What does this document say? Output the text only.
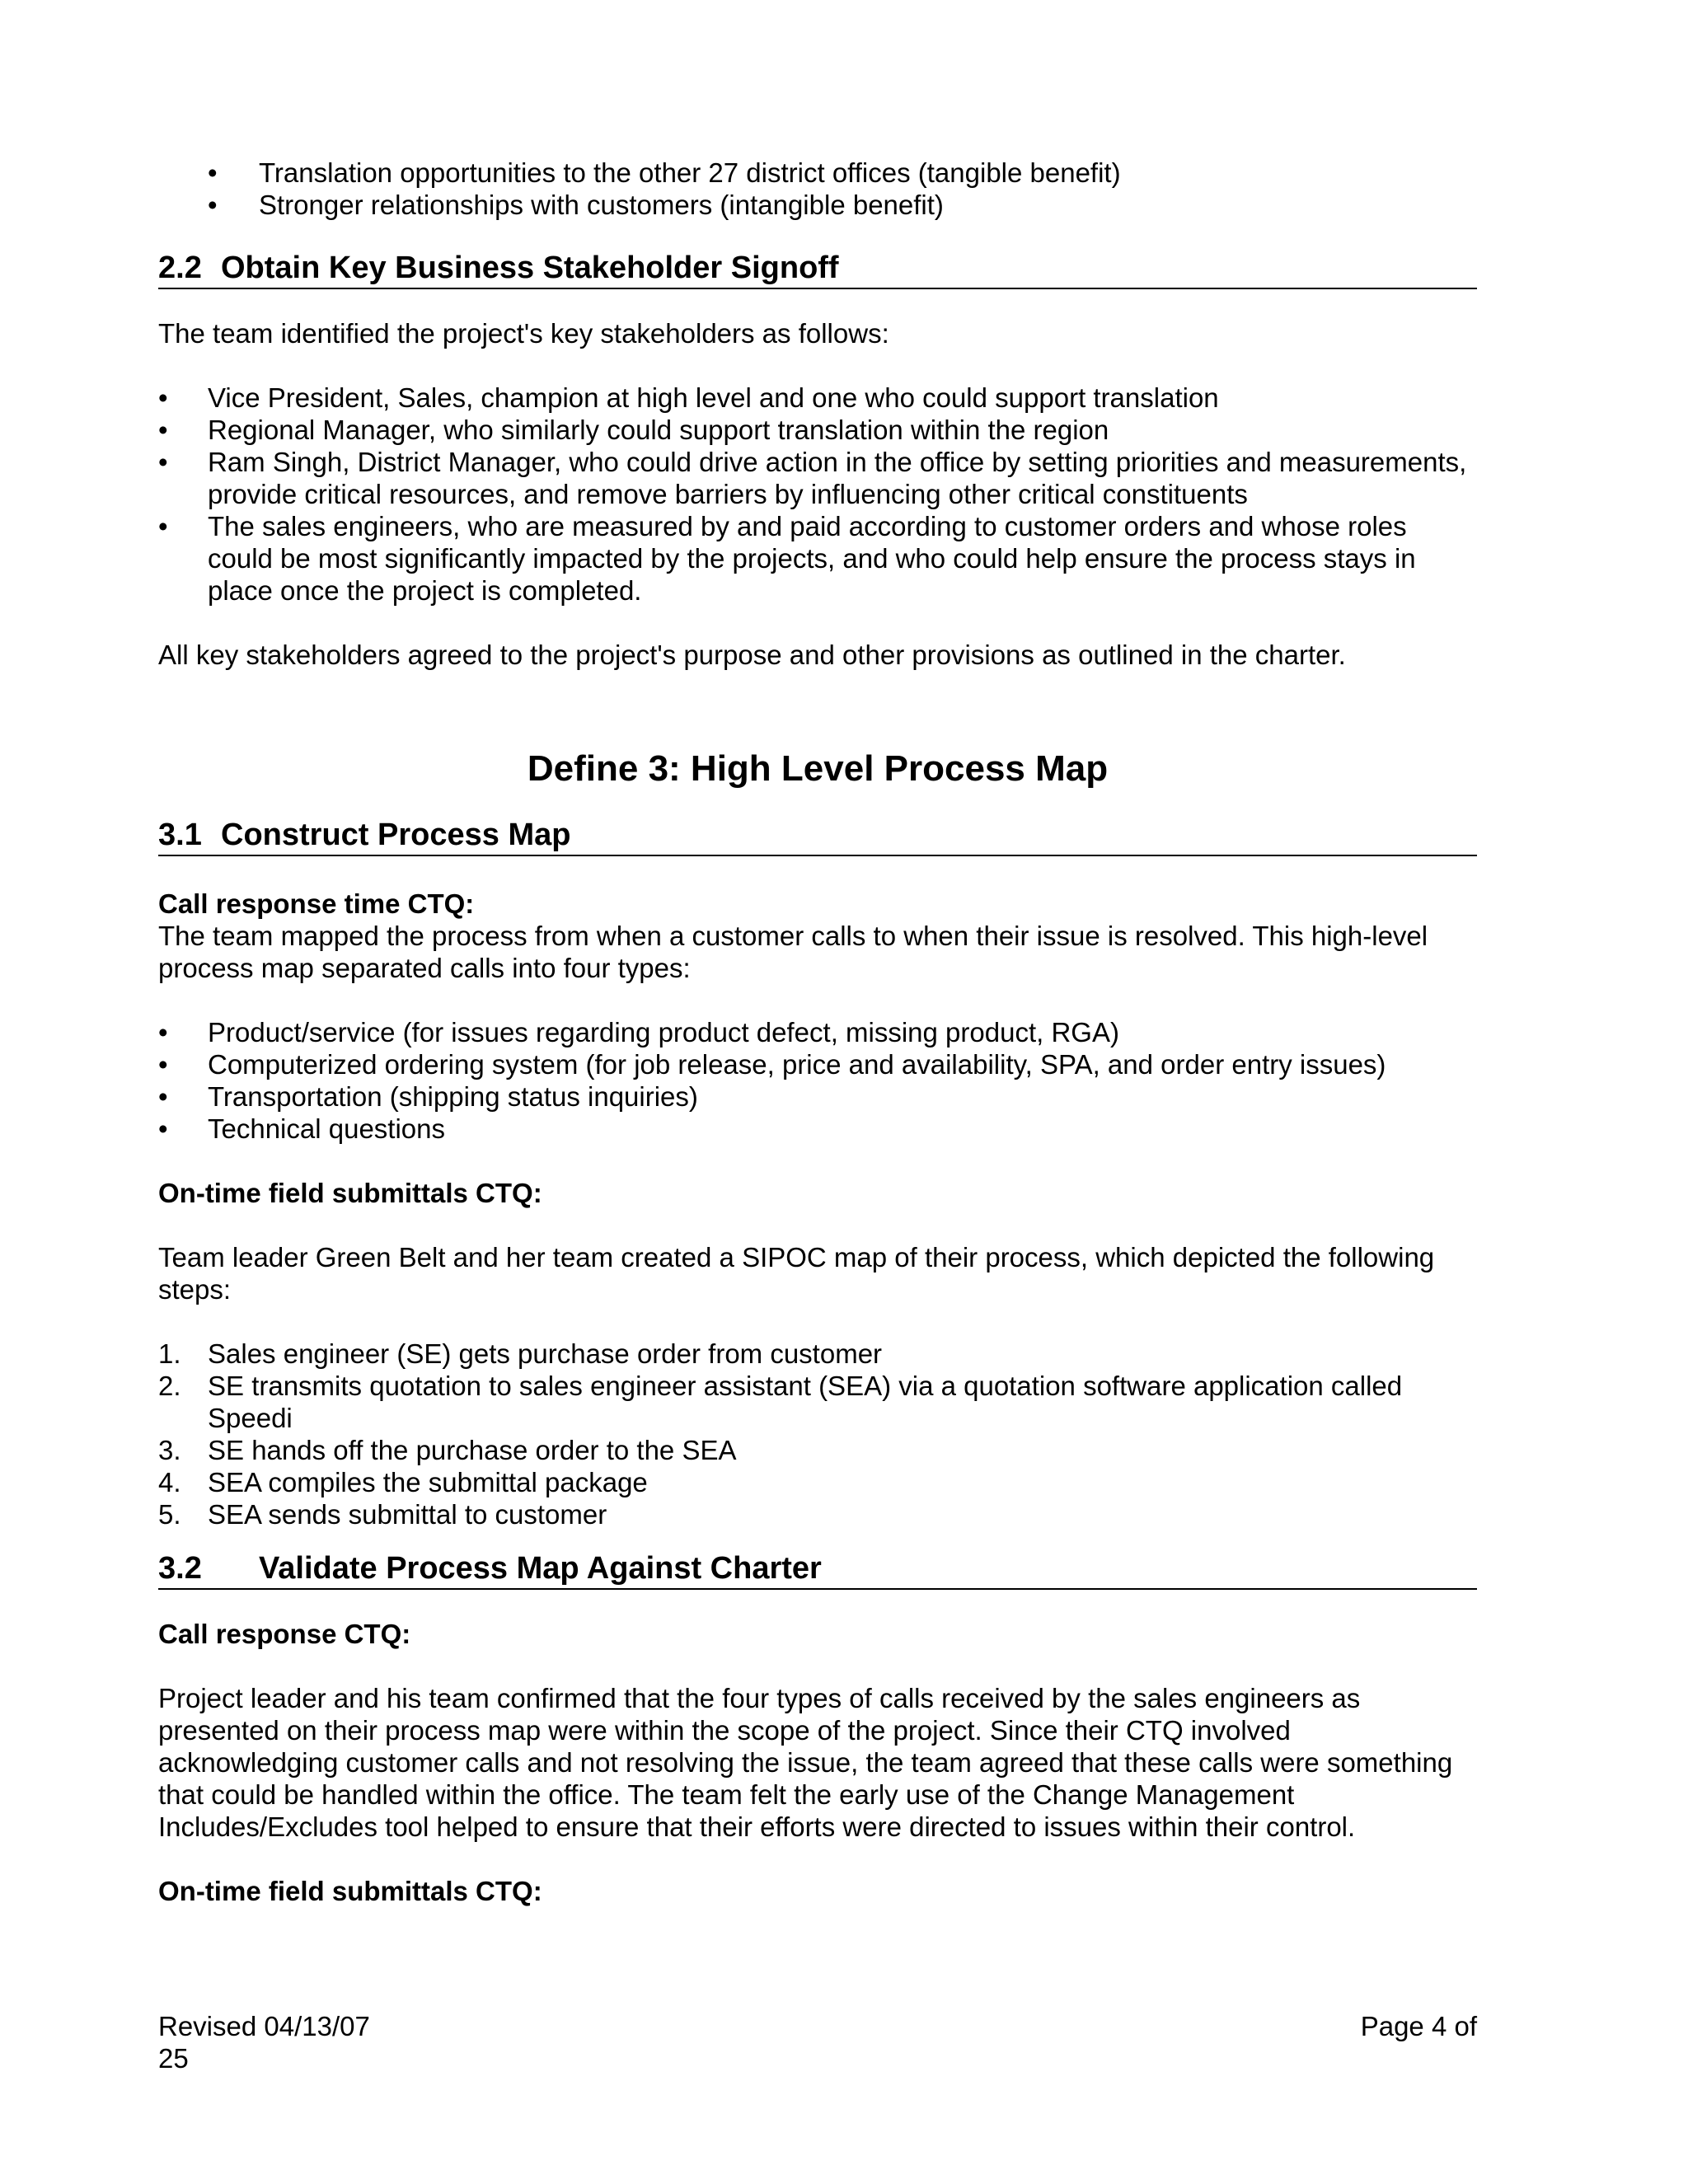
• Translation opportunities to the other 27 district offices (tangible benefit)
• Stronger relationships with customers (intangible benefit)
2.2 Obtain Key Business Stakeholder Signoff

The team identified the project's key stakeholders as follows:

• Vice President, Sales, champion at high level and one who could support translation
• Regional Manager, who similarly could support translation within the region
• Ram Singh, District Manager, who could drive action in the office by setting priorities and measurements, provide critical resources, and remove barriers by influencing other critical constituents
• The sales engineers, who are measured by and paid according to customer orders and whose roles could be most significantly impacted by the projects, and who could help ensure the process stays in place once the project is completed.

All key stakeholders agreed to the project's purpose and other provisions as outlined in the charter.

Define 3: High Level Process Map
3.1 Construct Process Map

Call response time CTQ:

The team mapped the process from when a customer calls to when their issue is resolved. This high-level process map separated calls into four types:

• Product/service (for issues regarding product defect, missing product, RGA)
• Computerized ordering system (for job release, price and availability, SPA, and order entry issues)
• Transportation (shipping status inquiries)
• Technical questions

On-time field submittals CTQ:

Team leader Green Belt and her team created a SIPOC map of their process, which depicted the following steps:

1. Sales engineer (SE) gets purchase order from customer
2. SE transmits quotation to sales engineer assistant (SEA) via a quotation software application called Speedi
3. SE hands off the purchase order to the SEA
4. SEA compiles the submittal package
5. SEA sends submittal to customer
3.2 Validate Process Map Against Charter

Call response CTQ:

Project leader and his team confirmed that the four types of calls received by the sales engineers as presented on their process map were within the scope of the project. Since their CTQ involved acknowledging customer calls and not resolving the issue, the team agreed that these calls were something that could be handled within the office. The team felt the early use of the Change Management Includes/Excludes tool helped to ensure that their efforts were directed to issues within their control.

On-time field submittals CTQ:

Revised 04/13/07
25
Page 4 of
